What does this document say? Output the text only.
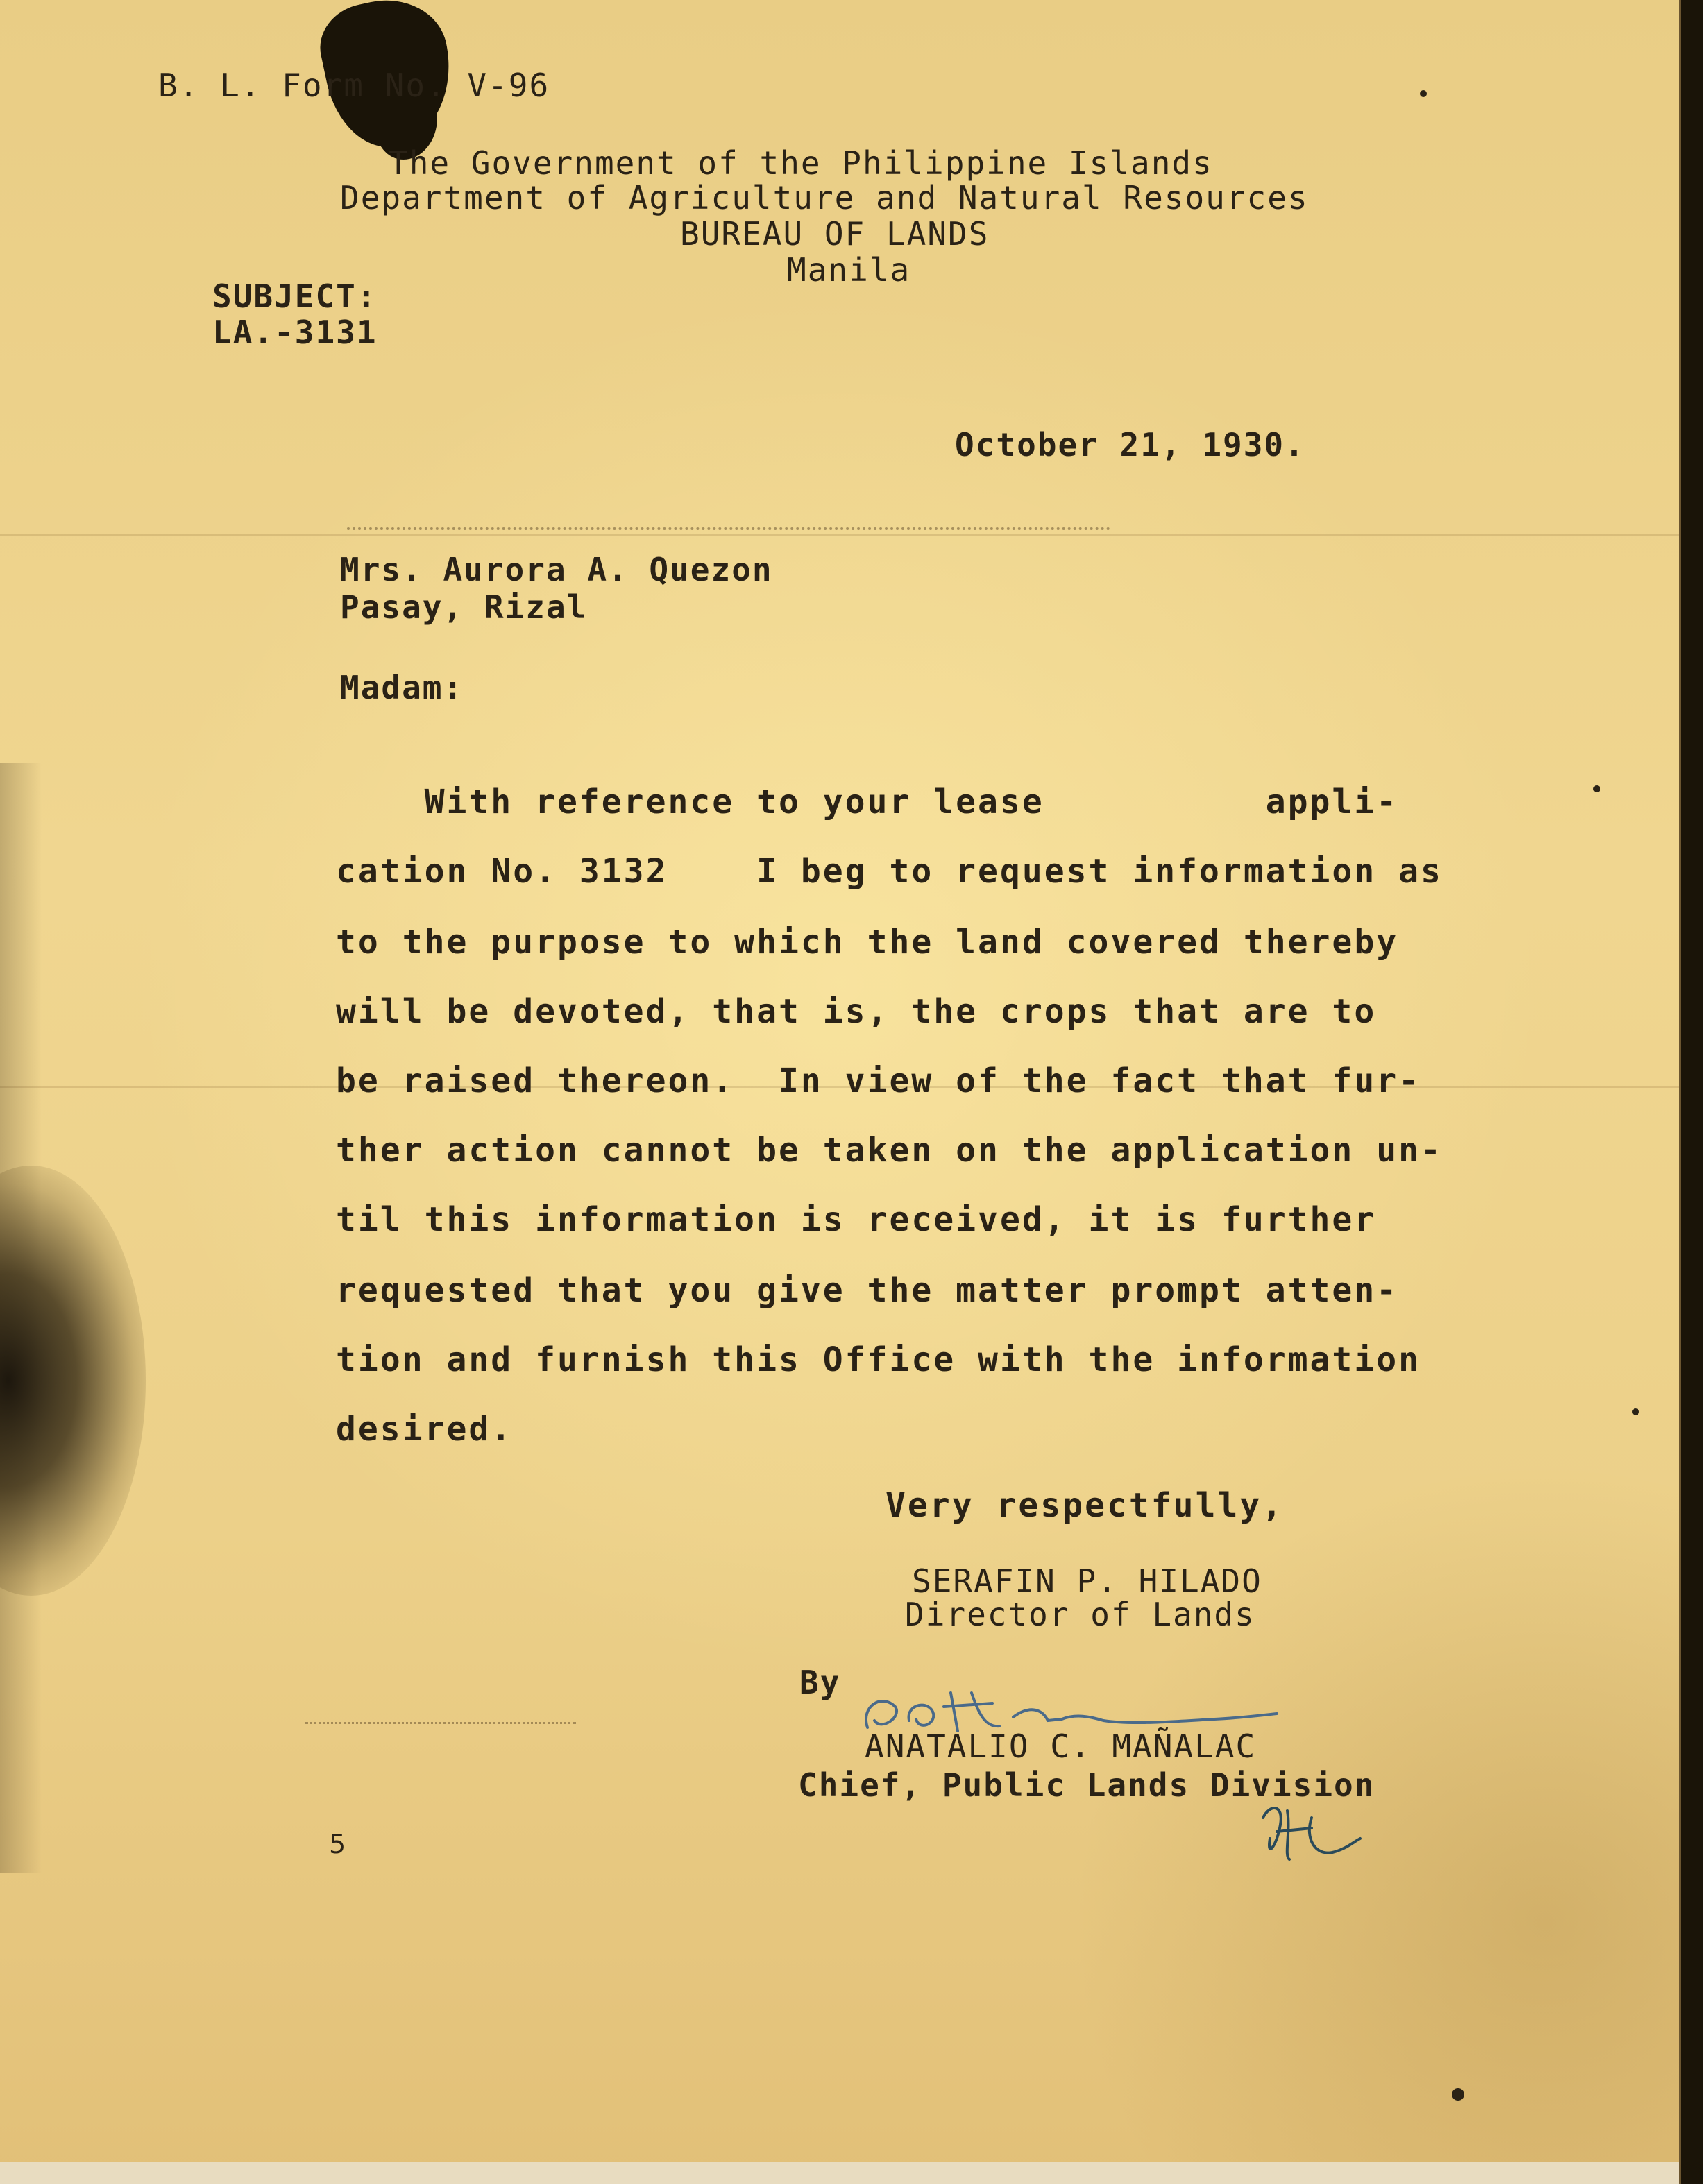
B. L. Form No. V-96

The Government of the Philippine Islands

Department of Agriculture and Natural Resources

BUREAU OF LANDS

Manila

SUBJECT:

LA.-3131

October 21, 1930.

Mrs. Aurora A. Quezon

Pasay, Rizal

Madam:

With reference to your lease          appli-

cation No. 3132    I beg to request information as

to the purpose to which the land covered thereby

will be devoted, that is, the crops that are to

be raised thereon.  In view of the fact that fur-

ther action cannot be taken on the application un-

til this information is received, it is further

requested that you give the matter prompt atten-

tion and furnish this Office with the information

desired.

Very respectfully,

SERAFIN P. HILADO

Director of Lands

By

ANATALIO C. MAÑALAC

Chief, Public Lands Division

5
